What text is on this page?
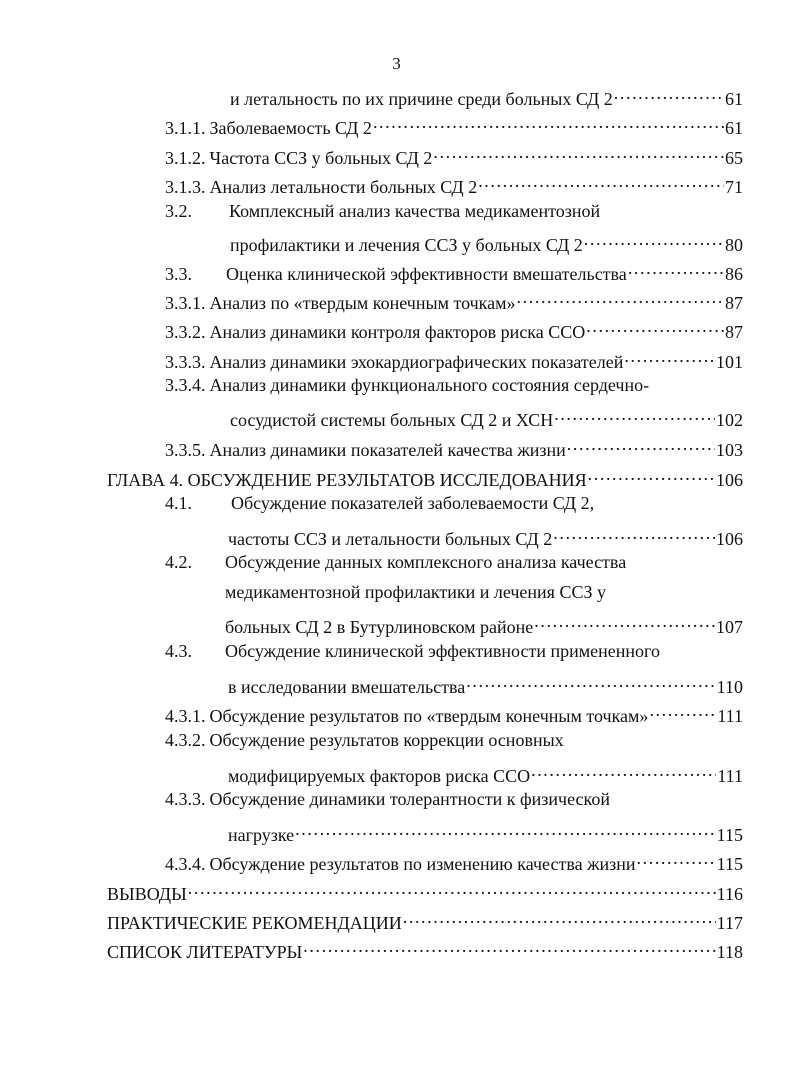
3
и летальность по их причине среди больных СД 2 .....	61
3.1.1. Заболеваемость СД 2 .....	61
3.1.2. Частота ССЗ у больных СД 2 .....	65
3.1.3. Анализ летальности больных СД 2 .....	71
3.2.	Комплексный анализ качества медикаментозной
профилактики и лечения ССЗ у больных СД 2 .....	80
3.3.	Оценка клинической эффективности вмешательства .....	86
3.3.1. Анализ по «твердым конечным точкам» .....	87
3.3.2. Анализ динамики контроля факторов риска ССО .....	87
3.3.3. Анализ динамики эхокардиографических показателей .....	101
3.3.4. Анализ динамики функционального состояния сердечно-
сосудистой системы больных СД 2 и ХСН .....	102
3.3.5. Анализ динамики показателей качества жизни .....	103
ГЛАВА 4. ОБСУЖДЕНИЕ РЕЗУЛЬТАТОВ ИССЛЕДОВАНИЯ .....	106
4.1.	Обсуждение показателей заболеваемости СД 2,
частоты ССЗ и летальности больных СД 2 .....	106
4.2.	Обсуждение данных комплексного анализа качества
медикаментозной профилактики и лечения ССЗ у
больных СД 2 в Бутурлиновском районе .....	107
4.3.	Обсуждение клинической эффективности примененного
в исследовании вмешательства .....	110
4.3.1. Обсуждение результатов по «твердым конечным точкам» .....	111
4.3.2. Обсуждение результатов коррекции основных
модифицируемых факторов риска ССО .....	111
4.3.3. Обсуждение динамики толерантности к физической
нагрузке .....	115
4.3.4. Обсуждение результатов по изменению качества жизни .....	115
ВЫВОДЫ .....	116
ПРАКТИЧЕСКИЕ РЕКОМЕНДАЦИИ .....	117
СПИСОК ЛИТЕРАТУРЫ .....	118
